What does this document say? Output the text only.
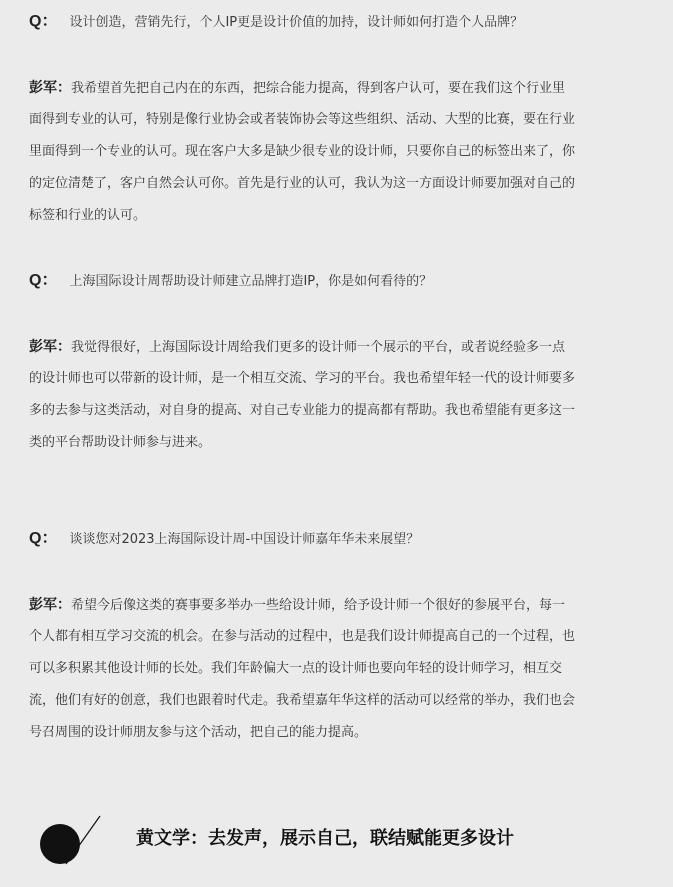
Q： 设计创造，营销先行，个人IP更是设计价值的加持，设计师如何打造个人品牌？
彭军：我希望首先把自己内在的东西，把综合能力提高，得到客户认可，要在我们这个行业里
面得到专业的认可，特别是像行业协会或者装饰协会等这些组织、活动、大型的比赛，要在行业
里面得到一个专业的认可。现在客户大多是缺少很专业的设计师，只要你自己的标签出来了，你
的定位清楚了，客户自然会认可你。首先是行业的认可，我认为这一方面设计师要加强对自己的
标签和行业的认可。
Q： 上海国际设计周帮助设计师建立品牌打造IP，你是如何看待的？
彭军：我觉得很好，上海国际设计周给我们更多的设计师一个展示的平台，或者说经验多一点
的设计师也可以带新的设计师，是一个相互交流、学习的平台。我也希望年轻一代的设计师要多
多的去参与这类活动，对自身的提高、对自己专业能力的提高都有帮助。我也希望能有更多这一
类的平台帮助设计师参与进来。
Q： 谈谈您对2023上海国际设计周-中国设计师嘉年华未来展望？
彭军：希望今后像这类的赛事要多举办一些给设计师，给予设计师一个很好的参展平台，每一
个人都有相互学习交流的机会。在参与活动的过程中，也是我们设计师提高自己的一个过程，也
可以多积累其他设计师的长处。我们年龄偏大一点的设计师也要向年轻的设计师学习，相互交
流，他们有好的创意，我们也跟着时代走。我希望嘉年华这样的活动可以经常的举办，我们也会
号召周围的设计师朋友参与这个活动，把自己的能力提高。
黄文学：去发声，展示自己，联结赋能更多设计
